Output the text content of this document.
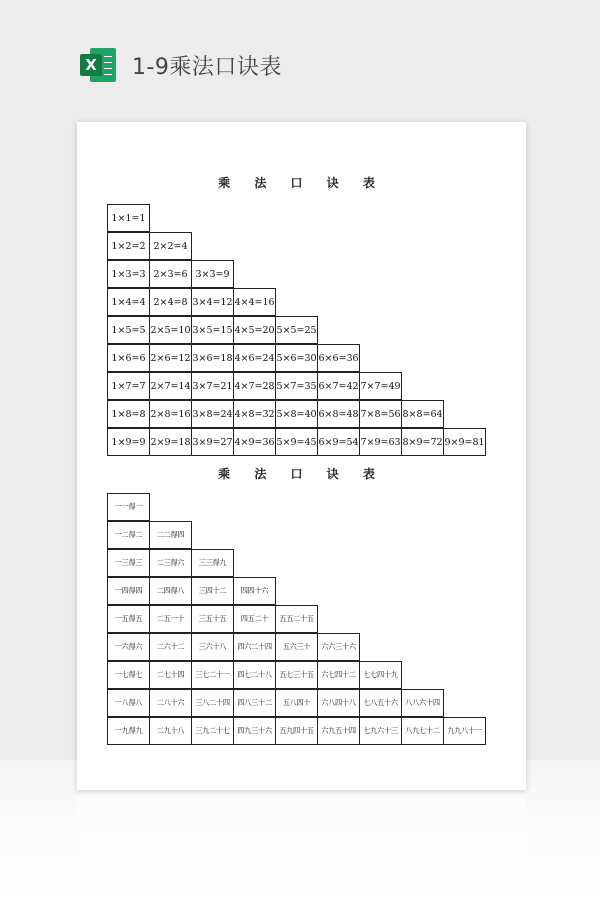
X 1-9乘法口诀表
乘 法 口 诀 表
1×1=1
1×2=2 2×2=4
1×3=3 2×3=6 3×3=9
1×4=4 2×4=8 3×4=12 4×4=16
1×5=5 2×5=10 3×5=15 4×5=20 5×5=25
1×6=6 2×6=12 3×6=18 4×6=24 5×6=30 6×6=36
1×7=7 2×7=14 3×7=21 4×7=28 5×7=35 6×7=42 7×7=49
1×8=8 2×8=16 3×8=24 4×8=32 5×8=40 6×8=48 7×8=56 8×8=64
1×9=9 2×9=18 3×9=27 4×9=36 5×9=45 6×9=54 7×9=63 8×9=72 9×9=81
乘 法 口 诀 表
一一得一
一二得二	二二得四
一三得三	二三得六	三三得九
一四得四	二四得八	三四十二	四四十六
一五得五	二五一十	三五十五	四五二十	五五二十五
一六得六	二六十二	三六十八	四六二十四	五六三十	六六三十六
一七得七	二七十四	三七二十一	四七二十八	五七三十五	六七四十二	七七四十九
一八得八	二八十六	三八二十四	四八三十二	五八四十	六八四十八	七八五十六	八八六十四
一九得九	二九十八	三九二十七	四九三十六	五九四十五	六九五十四	七九六十三	八九七十二	九九八十一
